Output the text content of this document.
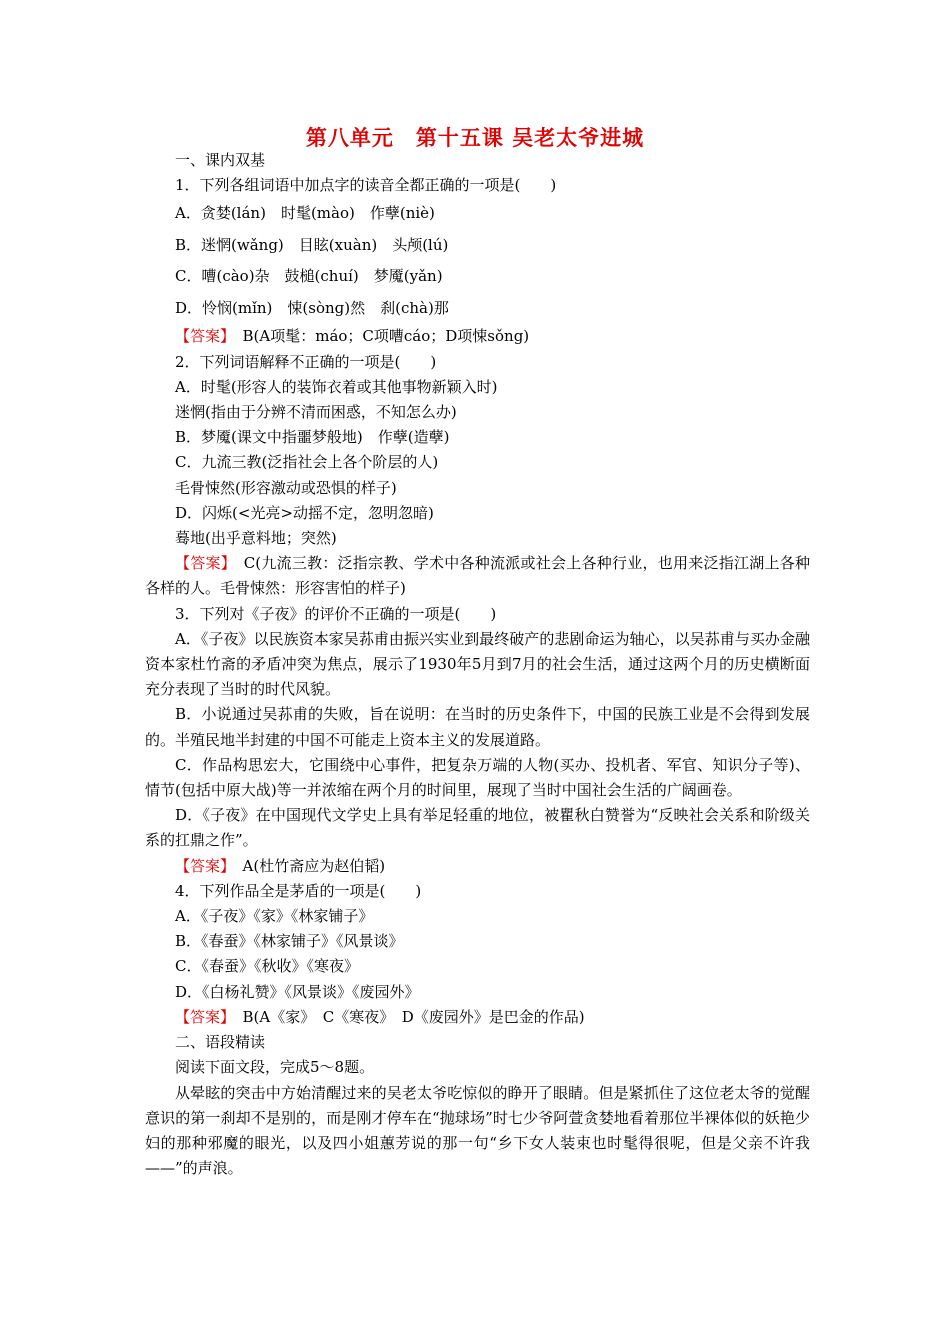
第八单元　第十五课 吴老太爷进城

一、课内双基

1．下列各组词语中加点字的读音全都正确的一项是(　　)

A．贪婪(lán)　时髦(mào)　作孽(niè)

B．迷惘(wǎng)　目眩(xuàn)　头颅(lú)

C．嘈(cào)杂　鼓槌(chuí)　梦魇(yǎn)

D．怜悯(mǐn)　悚(sònɡ)然　刹(chà)那

【答案】　B(A项髦：máo；C项嘈cáo；D项悚sǒng)

2．下列词语解释不正确的一项是(　　)

A．时髦(形容人的装饰衣着或其他事物新颖入时)

迷惘(指由于分辨不清而困惑，不知怎么办)

B．梦魇(课文中指噩梦般地)　作孽(造孽)

C．九流三教(泛指社会上各个阶层的人)

毛骨悚然(形容激动或恐惧的样子)

D．闪烁(<光亮>动摇不定，忽明忽暗)

蓦地(出乎意料地；突然)

【答案】　C(九流三教：泛指宗教、学术中各种流派或社会上各种行业，也用来泛指江湖上各种各样的人。毛骨悚然：形容害怕的样子)

3．下列对《子夜》的评价不正确的一项是(　　)

A．《子夜》以民族资本家吴荪甫由振兴实业到最终破产的悲剧命运为轴心，以吴荪甫与买办金融资本家杜竹斋的矛盾冲突为焦点，展示了1930年5月到7月的社会生活，通过这两个月的历史横断面充分表现了当时的时代风貌。

B．小说通过吴荪甫的失败，旨在说明：在当时的历史条件下，中国的民族工业是不会得到发展的。半殖民地半封建的中国不可能走上资本主义的发展道路。

C．作品构思宏大，它围绕中心事件，把复杂万端的人物(买办、投机者、军官、知识分子等)、情节(包括中原大战)等一并浓缩在两个月的时间里，展现了当时中国社会生活的广阔画卷。

D．《子夜》在中国现代文学史上具有举足轻重的地位，被瞿秋白赞誉为“反映社会关系和阶级关系的扛鼎之作”。

【答案】　A(杜竹斋应为赵伯韬)

4．下列作品全是茅盾的一项是(　　)

A．《子夜》《家》《林家铺子》

B．《春蚕》《林家铺子》《风景谈》

C．《春蚕》《秋收》《寒夜》

D．《白杨礼赞》《风景谈》《废园外》

【答案】　B(A《家》　C《寒夜》　D《废园外》是巴金的作品)

二、语段精读

阅读下面文段，完成5～8题。

从晕眩的突击中方始清醒过来的吴老太爷吃惊似的睁开了眼睛。但是紧抓住了这位老太爷的觉醒意识的第一刹却不是别的，而是刚才停车在“抛球场”时七少爷阿萱贪婪地看着那位半裸体似的妖艳少妇的那种邪魔的眼光，以及四小姐蕙芳说的那一句“乡下女人装束也时髦得很呢，但是父亲不许我——”的声浪。
